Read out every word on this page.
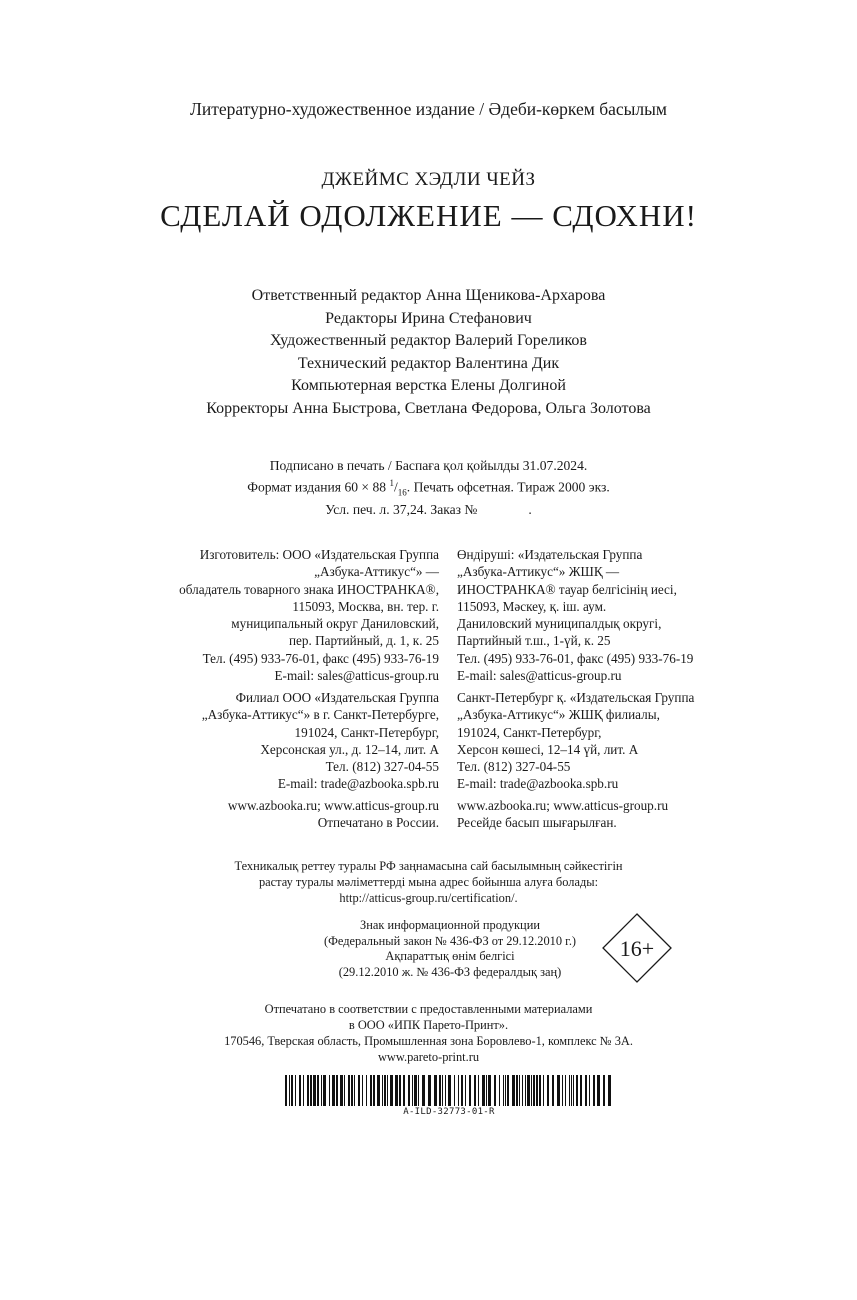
Литературно-художественное издание / Әдеби-көркем басылым
ДЖЕЙМС ХЭДЛИ ЧЕЙЗ
СДЕЛАЙ ОДОЛЖЕНИЕ — СДОХНИ!
Ответственный редактор Анна Щеникова-Архарова
Редакторы Ирина Стефанович
Художественный редактор Валерий Гореликов
Технический редактор Валентина Дик
Компьютерная верстка Елены Долгиной
Корректоры Анна Быстрова, Светлана Федорова, Ольга Золотова
Подписано в печать / Баспаға қол қойылды 31.07.2024.
Формат издания 60 × 88 $^1/_{16}$. Печать офсетная. Тираж 2000 экз.
Усл. печ. л. 37,24. Заказ №               .
Изготовитель: ООО «Издательская Группа
„Азбука-Аттикус“» —
обладатель товарного знака ИНОСТРАНКА®,
115093, Москва, вн. тер. г.
муниципальный округ Даниловский,
пер. Партийный, д. 1, к. 25
Тел. (495) 933-76-01, факс (495) 933-76-19
E-mail: sales@atticus-group.ru
Өндіруші: «Издательская Группа
„Азбука-Аттикус“» ЖШҚ —
ИНОСТРАНКА® тауар белгісінің иесі,
115093, Мәскеу, қ. іш. аум.
Даниловский муниципалдық округі,
Партийный т.ш., 1-үй, к. 25
Тел. (495) 933-76-01, факс (495) 933-76-19
E-mail: sales@atticus-group.ru
Филиал ООО «Издательская Группа
„Азбука-Аттикус“» в г. Санкт-Петербурге,
191024, Санкт-Петербург,
Херсонская ул., д. 12–14, лит. А
Тел. (812) 327-04-55
E-mail: trade@azbooka.spb.ru
Санкт-Петербург қ. «Издательская Группа
„Азбука-Аттикус“» ЖШҚ филиалы,
191024, Санкт-Петербург,
Херсон көшесі, 12–14 үй, лит. А
Тел. (812) 327-04-55
E-mail: trade@azbooka.spb.ru
www.azbooka.ru; www.atticus-group.ru
Отпечатано в России.
www.azbooka.ru; www.atticus-group.ru
Ресейде басып шығарылған.
Техникалық реттеу туралы РФ заңнамасына сай басылымның сәйкестігін
растау туралы мәліметтерді мына адрес бойынша алуға болады:
http://atticus-group.ru/certification/.
Знак информационной продукции
(Федеральный закон № 436-ФЗ от 29.12.2010 г.)
Ақпараттық өнім белгісі
(29.12.2010 ж. № 436-ФЗ федералдық заң)
16+
Отпечатано в соответствии с предоставленными материалами
в ООО «ИПК Парето-Принт».
170546, Тверская область, Промышленная зона Боровлево-1, комплекс № 3А.
www.pareto-print.ru
A-ILD-32773-01-R
